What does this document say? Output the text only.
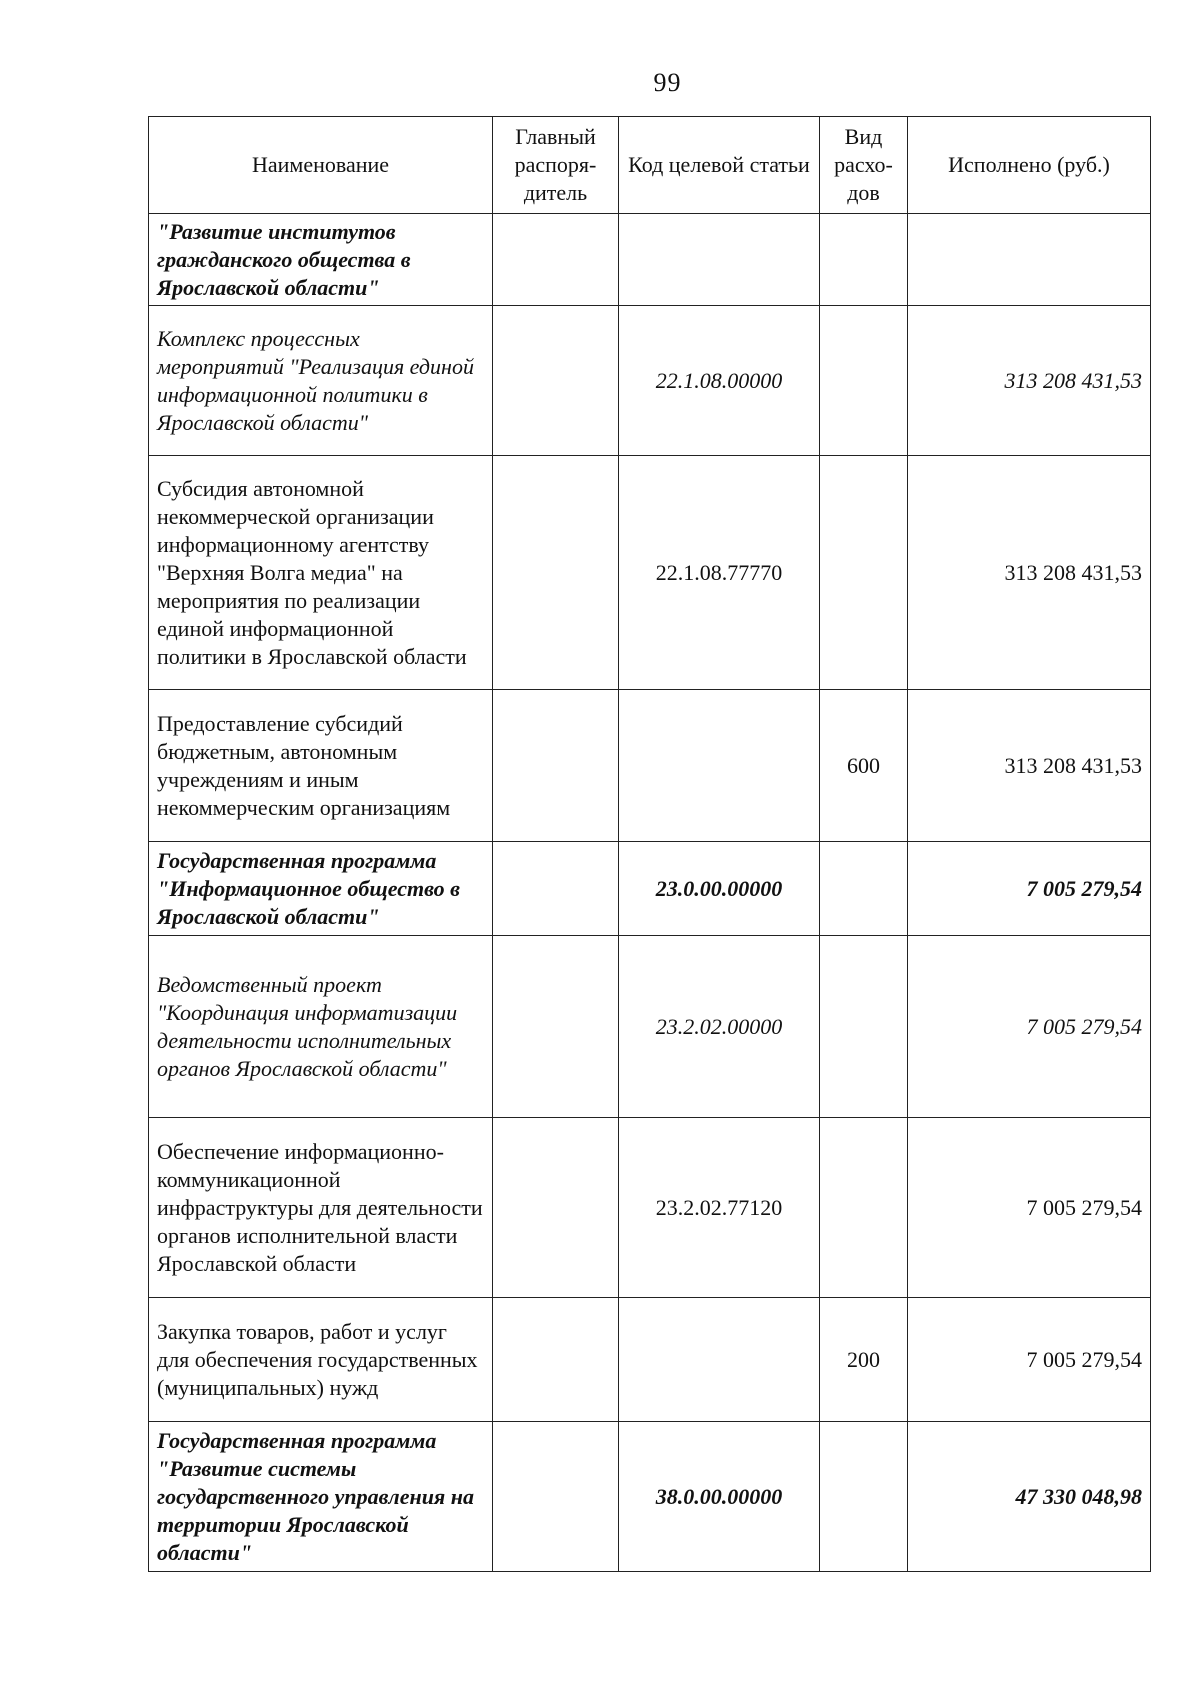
99
Наименование	Главный распоря-дитель	Код целевой статьи	Вид расхо-дов	Исполнено (руб.)
"Развитие институтов гражданского общества в Ярославской области"				
Комплекс процессных мероприятий "Реализация единой информационной политики в Ярославской области"		22.1.08.00000		313 208 431,53
Субсидия автономной некоммерческой организации информационному агентству "Верхняя Волга медиа" на мероприятия по реализации единой информационной политики в Ярославской области		22.1.08.77770		313 208 431,53
Предоставление субсидий бюджетным, автономным учреждениям и иным некоммерческим организациям			600	313 208 431,53
Государственная программа "Информационное общество в Ярославской области"		23.0.00.00000		7 005 279,54
Ведомственный проект "Координация информатизации деятельности исполнительных органов Ярославской области"		23.2.02.00000		7 005 279,54
Обеспечение информационно-коммуникационной инфраструктуры для деятельности органов исполнительной власти Ярославской области		23.2.02.77120		7 005 279,54
Закупка товаров, работ и услуг для обеспечения государственных (муниципальных) нужд			200	7 005 279,54
Государственная программа "Развитие системы государственного управления на территории Ярославской области"		38.0.00.00000		47 330 048,98
